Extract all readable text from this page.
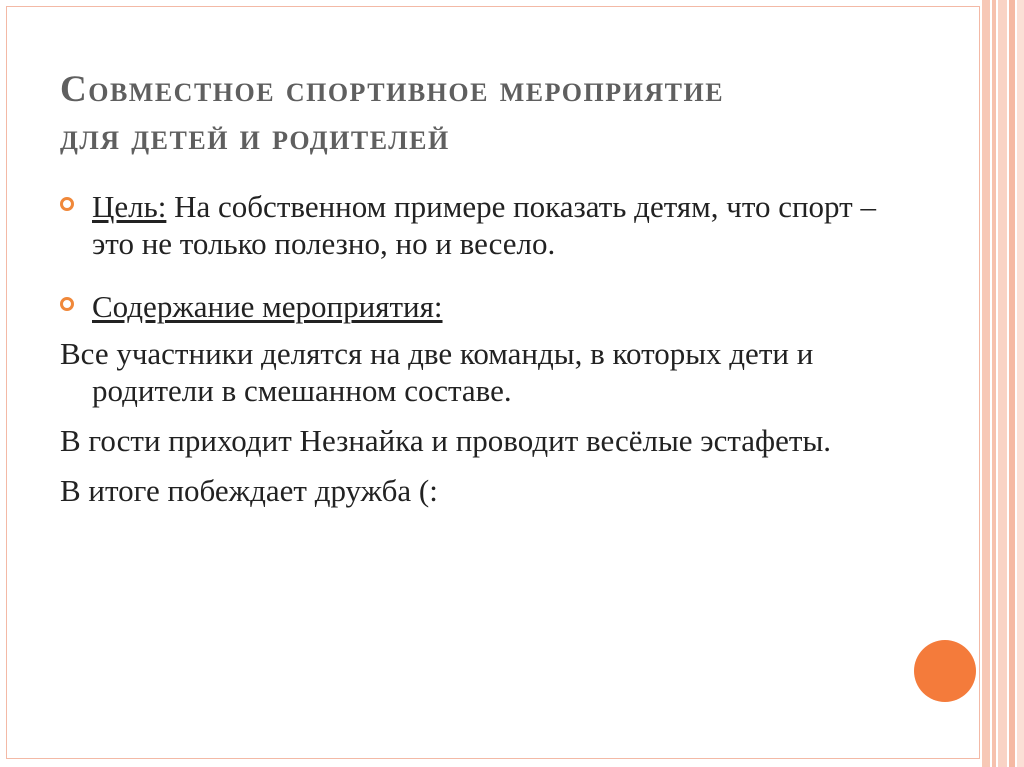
Совместное спортивное мероприятие
для детей и родителей

Цель: На собственном примере показать детям, что спорт – это не только полезно, но и весело.

Содержание мероприятия:

Все участники делятся на две команды, в которых дети и родители в смешанном составе.

В гости приходит Незнайка и проводит весёлые эстафеты.

В итоге побеждает дружба (:
